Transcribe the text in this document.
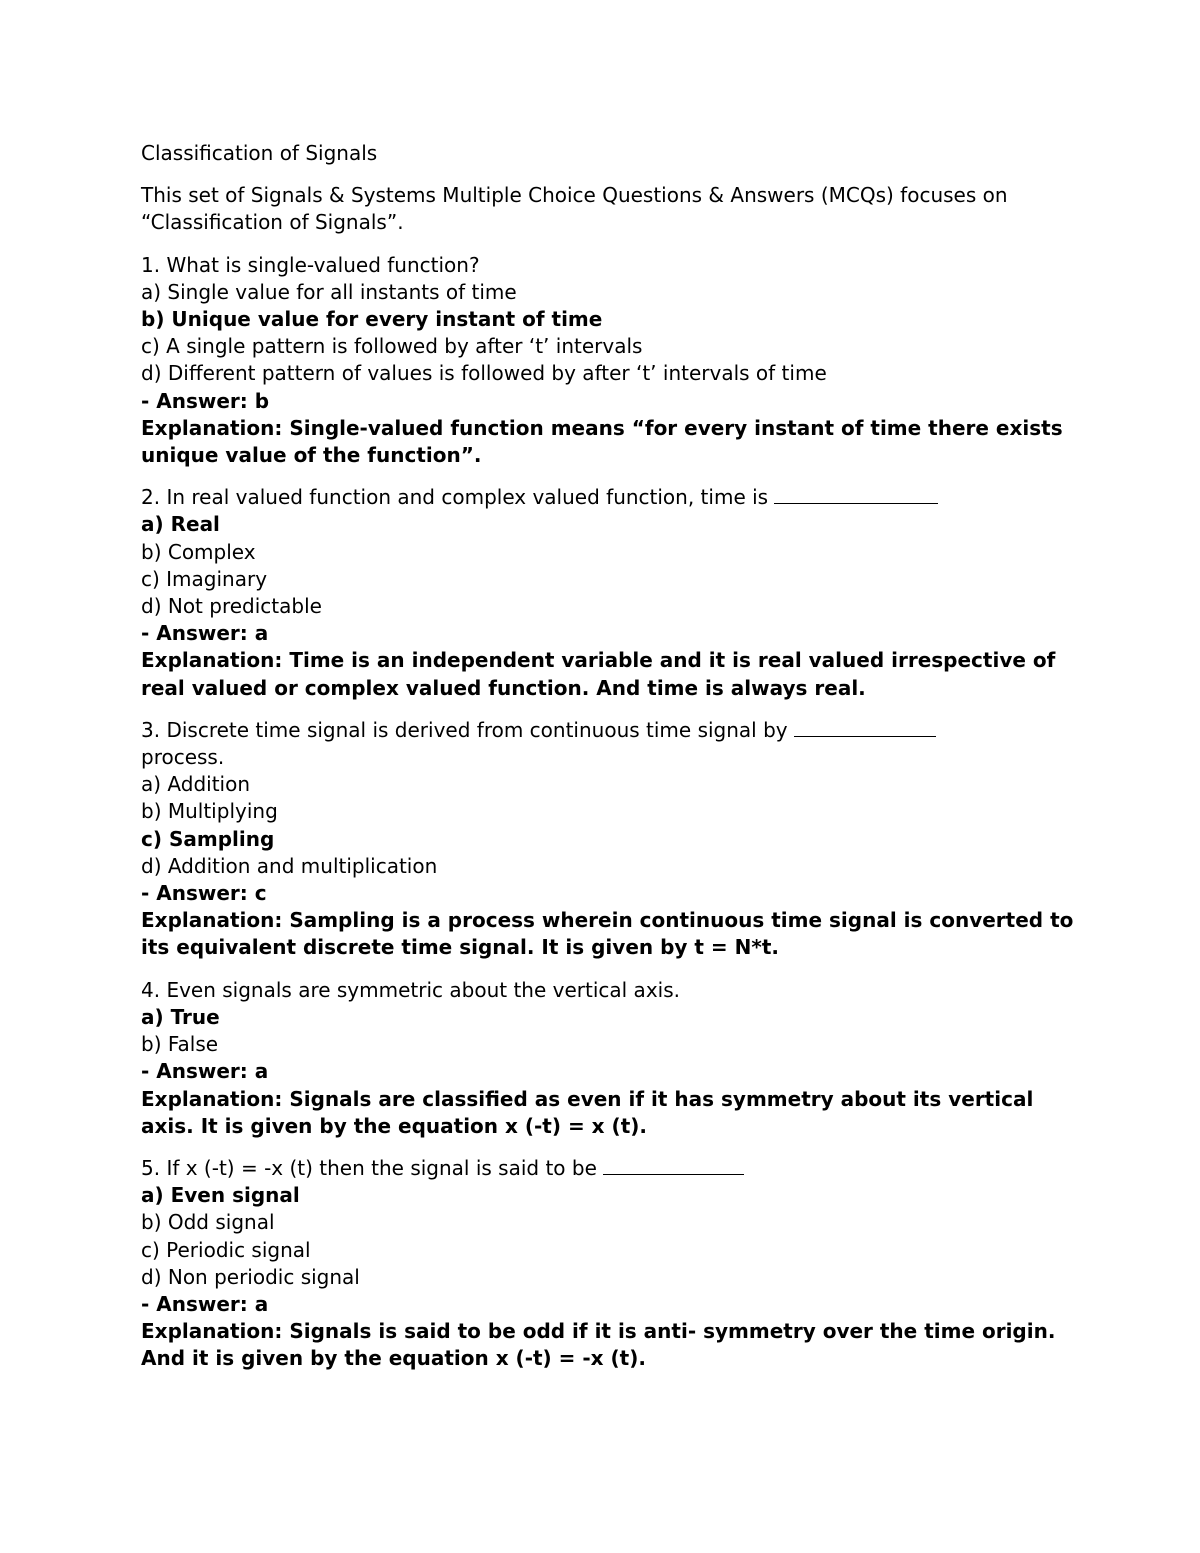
Classification of Signals
This set of Signals & Systems Multiple Choice Questions & Answers (MCQs) focuses on “Classification of Signals”.
1. What is single-valued function?
a) Single value for all instants of time
b) Unique value for every instant of time
c) A single pattern is followed by after ‘t’ intervals
d) Different pattern of values is followed by after ‘t’ intervals of time
- Answer: b
Explanation: Single-valued function means “for every instant of time there exists unique value of the function”.
2. In real valued function and complex valued function, time is
a) Real
b) Complex
c) Imaginary
d) Not predictable
- Answer: a
Explanation: Time is an independent variable and it is real valued irrespective of real valued or complex valued function. And time is always real.
3. Discrete time signal is derived from continuous time signal by
process.
a) Addition
b) Multiplying
c) Sampling
d) Addition and multiplication
- Answer: c
Explanation: Sampling is a process wherein continuous time signal is converted to its equivalent discrete time signal. It is given by t = N*t.
4. Even signals are symmetric about the vertical axis.
a) True
b) False
- Answer: a
Explanation: Signals are classified as even if it has symmetry about its vertical axis. It is given by the equation x (-t) = x (t).
5. If x (-t) = -x (t) then the signal is said to be
a) Even signal
b) Odd signal
c) Periodic signal
d) Non periodic signal
- Answer: a
Explanation: Signals is said to be odd if it is anti- symmetry over the time origin. And it is given by the equation x (-t) = -x (t).
